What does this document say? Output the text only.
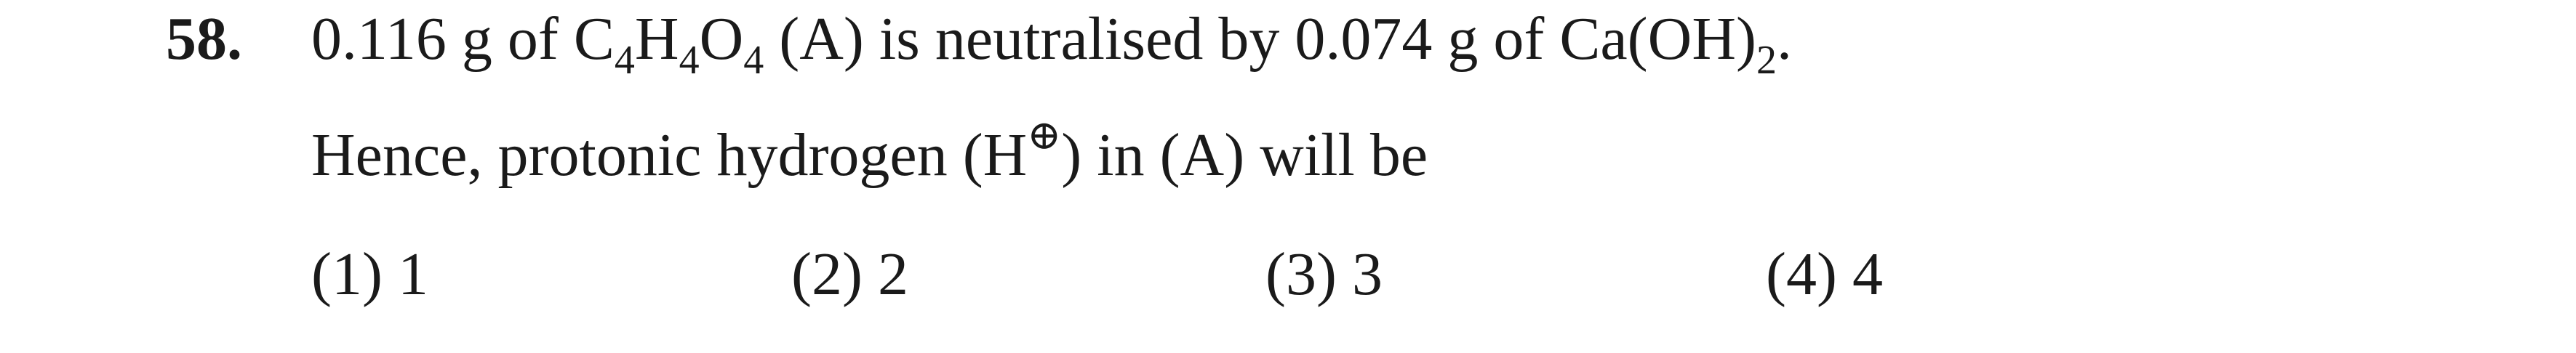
58. 0.116 g of $C_4H_4O_4$ (A) is neutralised by 0.074 g of $Ca(OH)_2$.
Hence, protonic hydrogen (H⊕) in (A) will be
(1) 1	(2) 2	(3) 3	(4) 4
